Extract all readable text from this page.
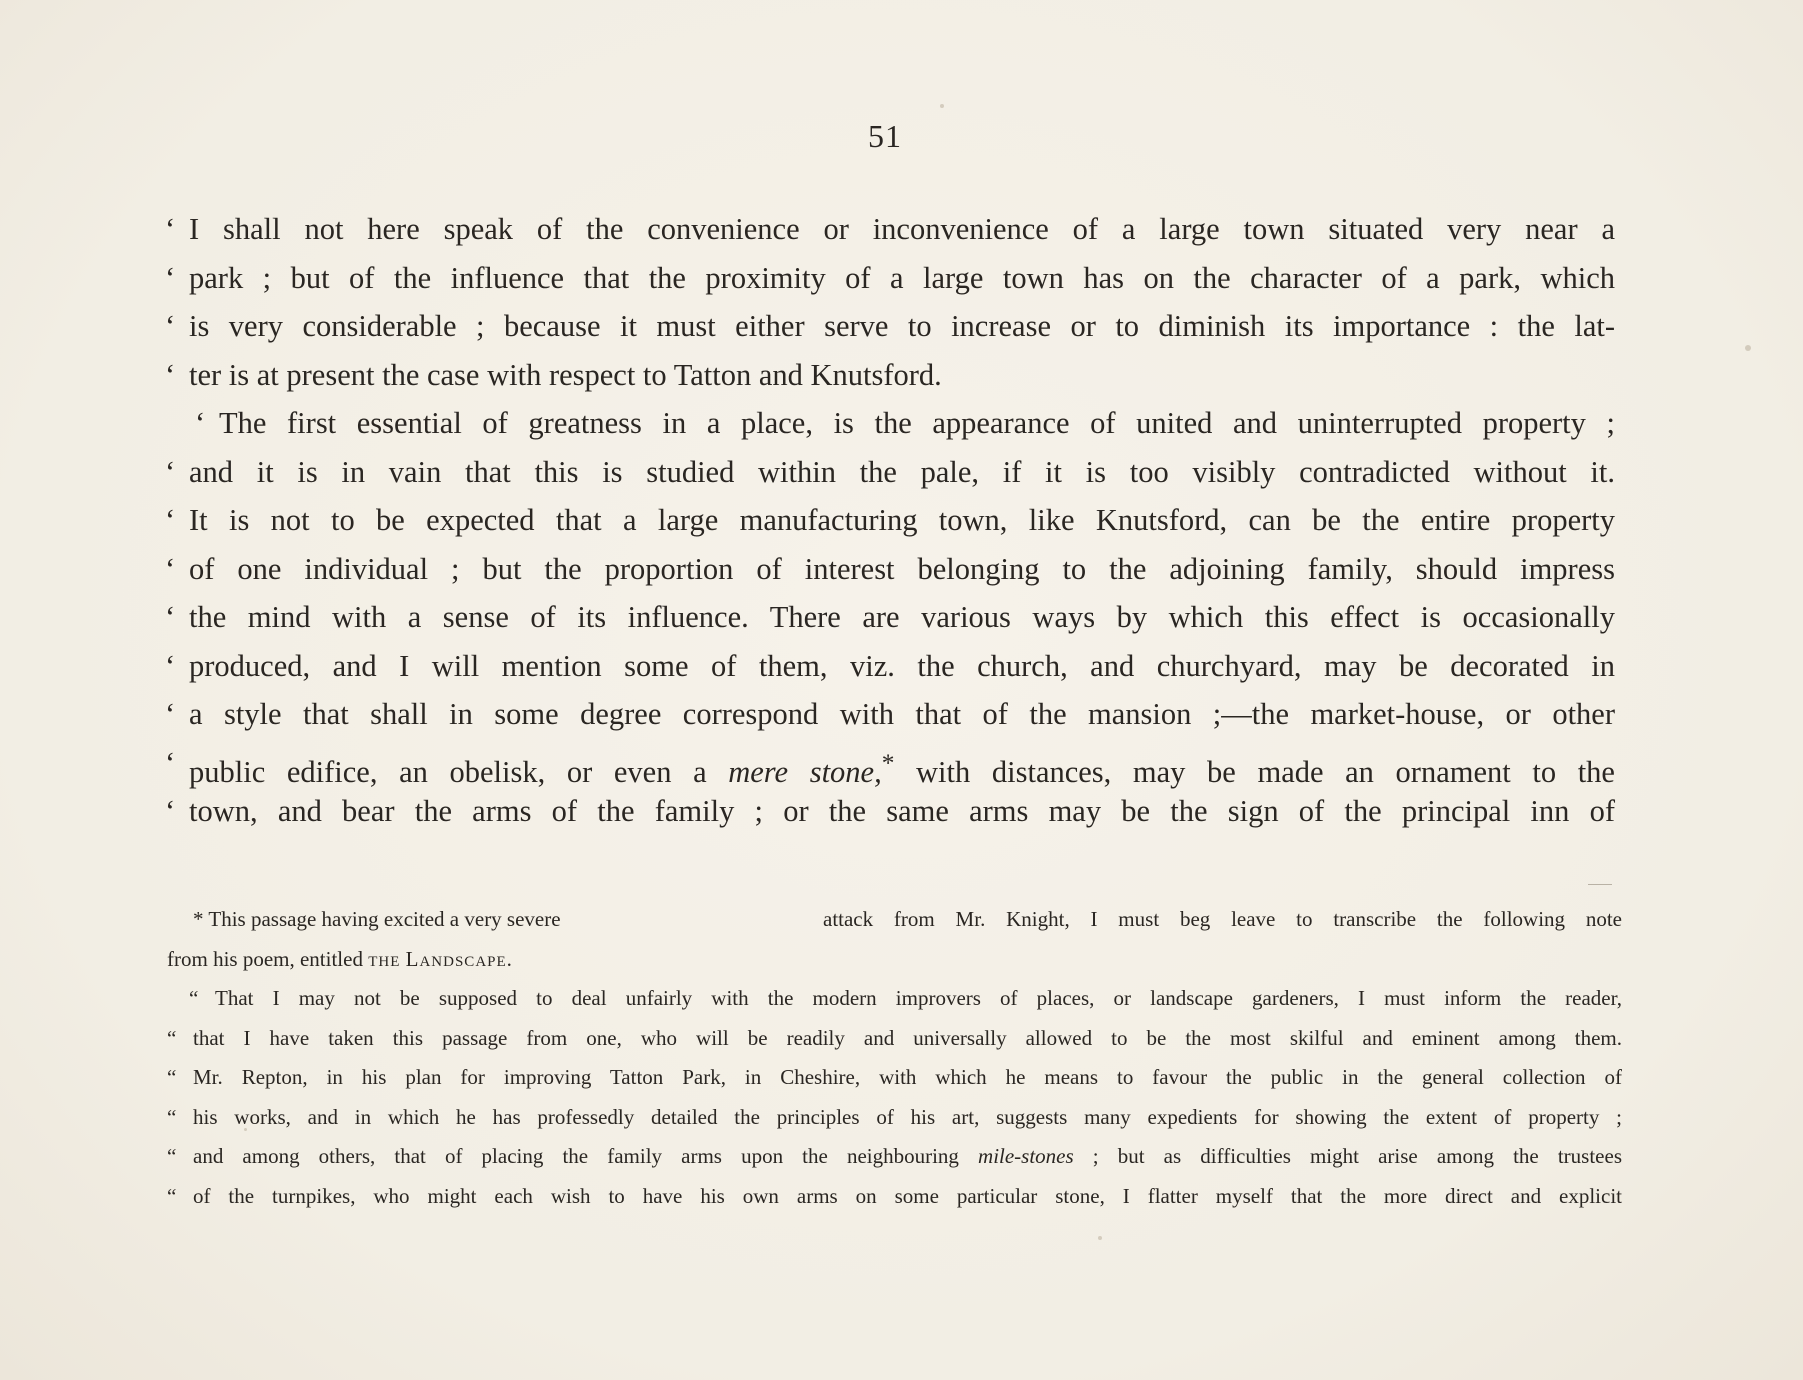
51
‘ I shall not here speak of the convenience or inconvenience of a large town situated very near a
‘ park ; but of the influence that the proximity of a large town has on the character of a park, which
‘ is very considerable ; because it must either serve to increase or to diminish its importance : the lat-
‘ ter is at present the case with respect to Tatton and Knutsford.
‘ The first essential of greatness in a place, is the appearance of united and uninterrupted property ;
‘ and it is in vain that this is studied within the pale, if it is too visibly contradicted without it.
‘ It is not to be expected that a large manufacturing town, like Knutsford, can be the entire property
‘ of one individual ; but the proportion of interest belonging to the adjoining family, should impress
‘ the mind with a sense of its influence. There are various ways by which this effect is occasionally
‘ produced, and I will mention some of them, viz. the church, and churchyard, may be decorated in
‘ a style that shall in some degree correspond with that of the mansion ;—the market-house, or other
‘ public edifice, an obelisk, or even a mere stone,* with distances, may be made an ornament to the
‘ town, and bear the arms of the family ; or the same arms may be the sign of the principal inn of
* This passage having excited a very severe	attack from Mr. Knight, I must beg leave to transcribe the following note
from his poem, entitled the Landscape.
“ That I may not be supposed to deal unfairly with the modern improvers of places, or landscape gardeners, I must inform the reader,
“ that I have taken this passage from one, who will be readily and universally allowed to be the most skilful and eminent among them.
“ Mr. Repton, in his plan for improving Tatton Park, in Cheshire, with which he means to favour the public in the general collection of
“ his works, and in which he has professedly detailed the principles of his art, suggests many expedients for showing the extent of property ;
“ and among others, that of placing the family arms upon the neighbouring mile-stones ; but as difficulties might arise among the trustees
“ of the turnpikes, who might each wish to have his own arms on some particular stone, I flatter myself that the more direct and explicit
